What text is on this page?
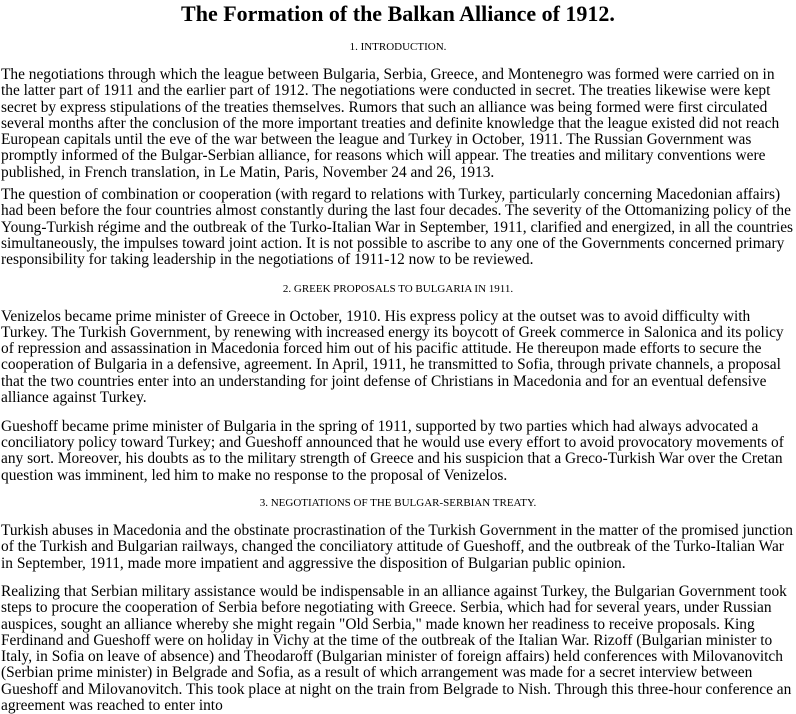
The Formation of the Balkan Alliance of 1912.
1. INTRODUCTION.

The negotiations through which the league between Bulgaria, Serbia, Greece, and Montenegro was formed were carried on in the latter part of 1911 and the earlier part of 1912. The negotiations were conducted in secret. The treaties likewise were kept secret by express stipulations of the treaties themselves. Rumors that such an alliance was being formed were first circulated several months after the conclusion of the more important treaties and definite knowledge that the league existed did not reach European capitals until the eve of the war between the league and Turkey in October, 1911. The Russian Government was promptly informed of the Bulgar-Serbian alliance, for reasons which will appear. The treaties and military conventions were published, in French translation, in Le Matin, Paris, November 24 and 26, 1913.

The question of combination or cooperation (with regard to relations with Turkey, particularly concerning Macedonian affairs) had been before the four countries almost constantly during the last four decades. The severity of the Ottomanizing policy of the Young-Turkish régime and the outbreak of the Turko-Italian War in September, 1911, clarified and energized, in all the countries simultaneously, the impulses toward joint action. It is not possible to ascribe to any one of the Governments concerned primary responsibility for taking leadership in the negotiations of 1911-12 now to be reviewed.

2. GREEK PROPOSALS TO BULGARIA IN 1911.

Venizelos became prime minister of Greece in October, 1910. His express policy at the outset was to avoid difficulty with Turkey. The Turkish Government, by renewing with increased energy its boycott of Greek commerce in Salonica and its policy of repression and assassination in Macedonia forced him out of his pacific attitude. He thereupon made efforts to secure the cooperation of Bulgaria in a defensive, agreement. In April, 1911, he transmitted to Sofia, through private channels, a proposal that the two countries enter into an understanding for joint defense of Christians in Macedonia and for an eventual defensive alliance against Turkey.

Gueshoff became prime minister of Bulgaria in the spring of 1911, supported by two parties which had always advocated a conciliatory policy toward Turkey; and Gueshoff announced that he would use every effort to avoid provocatory movements of any sort. Moreover, his doubts as to the military strength of Greece and his suspicion that a Greco-Turkish War over the Cretan question was imminent, led him to make no response to the proposal of Venizelos.

3. NEGOTIATIONS OF THE BULGAR-SERBIAN TREATY.

Turkish abuses in Macedonia and the obstinate procrastination of the Turkish Government in the matter of the promised junction of the Turkish and Bulgarian railways, changed the conciliatory attitude of Gueshoff, and the outbreak of the Turko-Italian War in September, 1911, made more impatient and aggressive the disposition of Bulgarian public opinion.

Realizing that Serbian military assistance would be indispensable in an alliance against Turkey, the Bulgarian Government took steps to procure the cooperation of Serbia before negotiating with Greece. Serbia, which had for several years, under Russian auspices, sought an alliance whereby she might regain "Old Serbia," made known her readiness to receive proposals. King Ferdinand and Gueshoff were on holiday in Vichy at the time of the outbreak of the Italian War. Rizoff (Bulgarian minister to Italy, in Sofia on leave of absence) and Theodaroff (Bulgarian minister of foreign affairs) held conferences with Milovanovitch (Serbian prime minister) in Belgrade and Sofia, as a result of which arrangement was made for a secret interview between Gueshoff and Milovanovitch. This took place at night on the train from Belgrade to Nish. Through this three-hour conference an agreement was reached to enter into
